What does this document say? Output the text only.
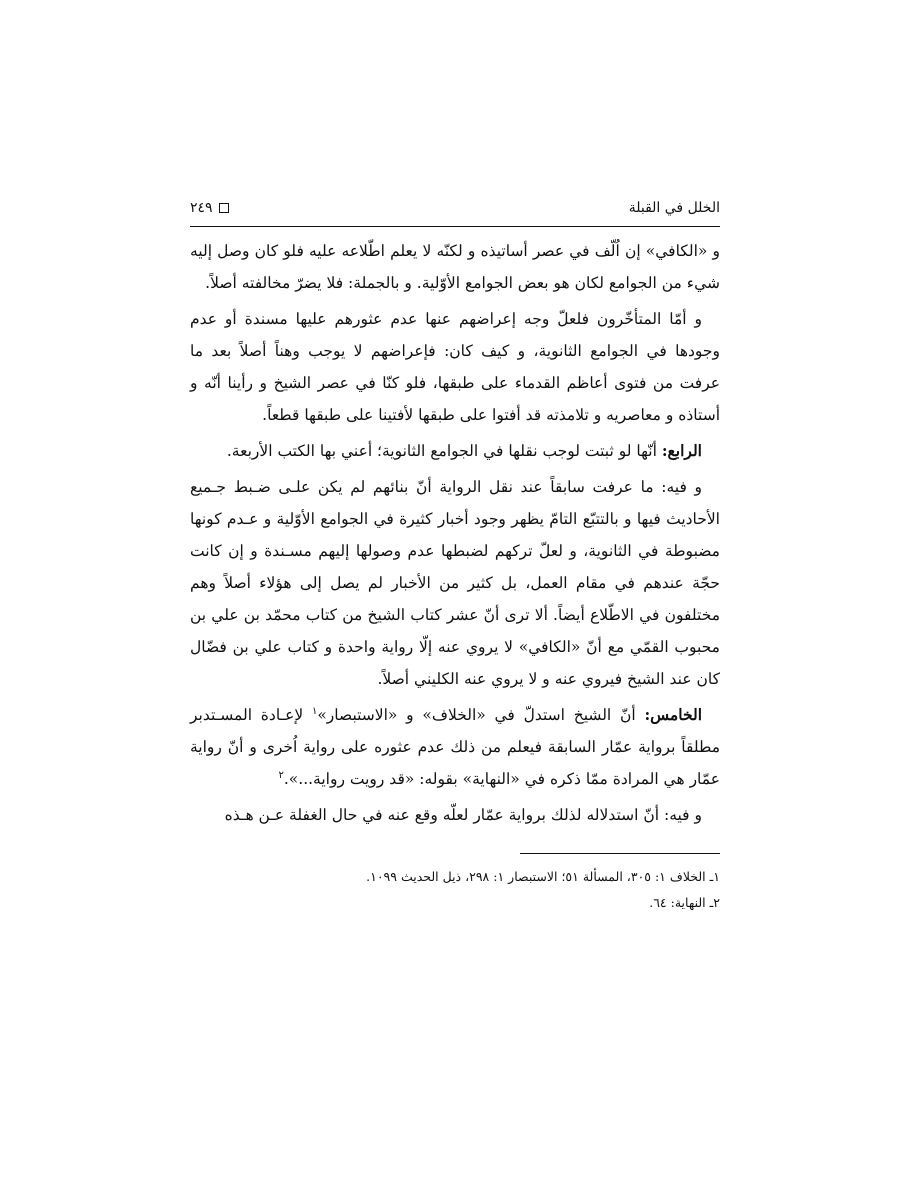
الخلل في القبلة
٢٤٩

و «الكافي» إن اُلّف في عصر أساتيذه و لكنّه لا يعلم اطّلاعه عليه فلو كان وصل إليه شيء من الجوامع لكان هو بعض الجوامع الأوّلية. و بالجملة: فلا يضرّ مخالفته أصلاً.

و أمّا المتأخّرون فلعلّ وجه إعراضهم عنها عدم عثورهم عليها مسندة أو عدم وجودها في الجوامع الثانوية، و كيف كان: فإعراضهم لا يوجب وهناً أصلاً بعد ما عرفت من فتوى أعاظم القدماء على طبقها، فلو كنّا في عصر الشيخ و رأينا أنّه و أستاذه و معاصريه و تلامذته قد أفتوا على طبقها لأفتينا على طبقها قطعاً.

الرابع: أنّها لو ثبتت لوجب نقلها في الجوامع الثانوية؛ أعني بها الكتب الأربعة.

و فيه: ما عرفت سابقاً عند نقل الرواية أنّ بنائهم لم يكن علـى ضـبط جـميع الأحاديث فيها و بالتتبّع التامّ يظهر وجود أخبار كثيرة في الجوامع الأوّلية و عـدم كونها مضبوطة في الثانوية، و لعلّ تركهم لضبطها عدم وصولها إليهم مسـندة و إن كانت حجّة عندهم في مقام العمل، بل كثير من الأخبار لم يصل إلى هؤلاء أصلاً وهم مختلفون في الاطّلاع أيضاً. ألا ترى أنّ عشر كتاب الشيخ من كتاب محمّد بن علي بن محبوب القمّي مع أنّ «الكافي» لا يروي عنه إلّا رواية واحدة و كتاب علي بن فضّال كان عند الشيخ فيروي عنه و لا يروي عنه الكليني أصلاً.

الخامس: أنّ الشيخ استدلّ في «الخلاف» و «الاستبصار»$^١$ لإعـادة المسـتدبر مطلقاً برواية عمّار السابقة فيعلم من ذلك عدم عثوره على رواية اُخرى و أنّ رواية عمّار هي المرادة ممّا ذكره في «النهاية» بقوله: «قد رويت رواية...».$^٢$

و فيه: أنّ استدلاله لذلك برواية عمّار لعلّه وقع عنه في حال الغفلة عـن هـذه

١ـ الخلاف ١: ٣٠٥، المسألة ٥١؛ الاستبصار ١: ٢٩٨، ذيل الحديث ١٠٩٩.
٢ـ النهاية: ٦٤.
